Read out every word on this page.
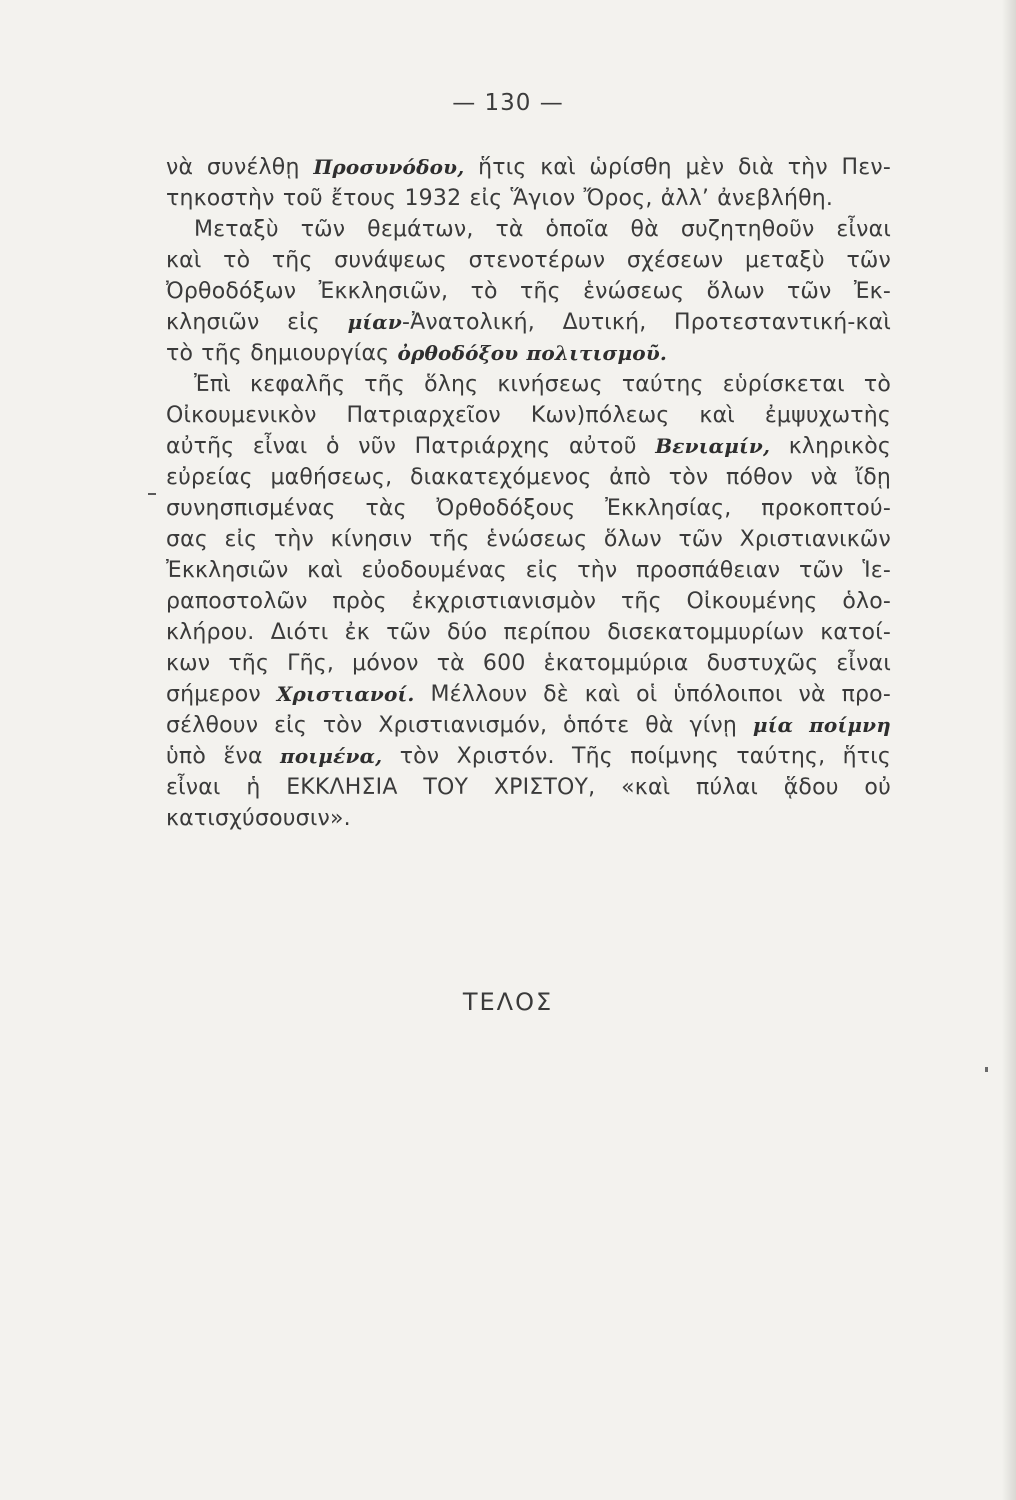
— 130 —
νὰ συνέλθῃ Προσυνόδου, ἥτις καὶ ὡρίσθη μὲν διὰ τὴν Πεν-
τηκοστὴν τοῦ ἔτους 1932 εἰς Ἅγιον Ὄρος, ἀλλ’ ἀνεβλήθη.
Μεταξὺ τῶν θεμάτων, τὰ ὁποῖα θὰ συζητηθοῦν εἶναι
καὶ τὸ τῆς συνάψεως στενοτέρων σχέσεων μεταξὺ τῶν
Ὀρθοδόξων Ἐκκλησιῶν, τὸ τῆς ἑνώσεως ὅλων τῶν Ἐκ-
κλησιῶν εἰς μίαν-Ἀνατολική, Δυτική, Προτεσταντική-καὶ
τὸ τῆς δημιουργίας ὀρθοδόξου πολιτισμοῦ.
Ἐπὶ κεφαλῆς τῆς ὅλης κινήσεως ταύτης εὑρίσκεται τὸ
Οἰκουμενικὸν Πατριαρχεῖον Κων)πόλεως καὶ ἐμψυχωτὴς
αὐτῆς εἶναι ὁ νῦν Πατριάρχης αὐτοῦ Βενιαμίν, κληρικὸς
εὐρείας μαθήσεως, διακατεχόμενος ἀπὸ τὸν πόθον νὰ ἴδῃ
συνησπισμένας τὰς Ὀρθοδόξους Ἐκκλησίας, προκοπτού-
σας εἰς τὴν κίνησιν τῆς ἑνώσεως ὅλων τῶν Χριστιανικῶν
Ἐκκλησιῶν καὶ εὐοδουμένας εἰς τὴν προσπάθειαν τῶν Ἱε-
ραποστολῶν πρὸς ἐκχριστιανισμὸν τῆς Οἰκουμένης ὁλο-
κλήρου. Διότι ἐκ τῶν δύο περίπου δισεκατομμυρίων κατοί-
κων τῆς Γῆς, μόνον τὰ 600 ἑκατομμύρια δυστυχῶς εἶναι
σήμερον Χριστιανοί. Μέλλουν δὲ καὶ οἱ ὑπόλοιποι νὰ προ-
σέλθουν εἰς τὸν Χριστιανισμόν, ὁπότε θὰ γίνῃ μία ποίμνη
ὑπὸ ἕνα ποιμένα, τὸν Χριστόν. Τῆς ποίμνης ταύτης, ἥτις
εἶναι ἡ ΕΚΚΛΗΣΙΑ ΤΟΥ ΧΡΙΣΤΟΥ, «καὶ πύλαι ᾅδου οὐ
κατισχύσουσιν».
ΤΕΛΟΣ
